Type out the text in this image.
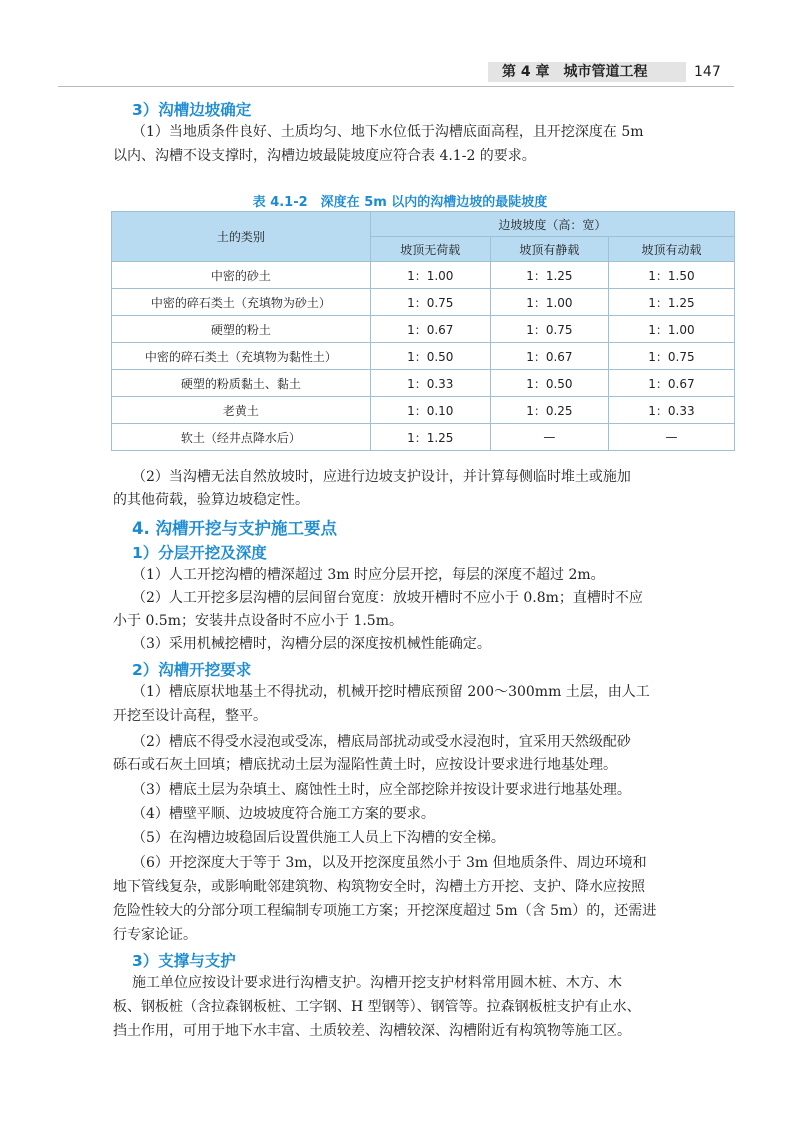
第 4 章　城市管道工程	147
3）沟槽边坡确定
（1）当地质条件良好、土质均匀、地下水位低于沟槽底面高程，且开挖深度在 5m
以内、沟槽不设支撑时，沟槽边坡最陡坡度应符合表 4.1-2 的要求。
表 4.1-2　深度在 5m 以内的沟槽边坡的最陡坡度
土的类别	边坡坡度（高：宽）		
	坡顶无荷载	坡顶有静载	坡顶有动载
中密的砂土	1：1.00	1：1.25	1：1.50
中密的碎石类土（充填物为砂土）	1：0.75	1：1.00	1：1.25
硬塑的粉土	1：0.67	1：0.75	1：1.00
中密的碎石类土（充填物为黏性土）	1：0.50	1：0.67	1：0.75
硬塑的粉质黏土、黏土	1：0.33	1：0.50	1：0.67
老黄土	1：0.10	1：0.25	1：0.33
软土（经井点降水后）	1：1.25	—	—
（2）当沟槽无法自然放坡时，应进行边坡支护设计，并计算每侧临时堆土或施加
的其他荷载，验算边坡稳定性。
4. 沟槽开挖与支护施工要点
1）分层开挖及深度
（1）人工开挖沟槽的槽深超过 3m 时应分层开挖，每层的深度不超过 2m。
（2）人工开挖多层沟槽的层间留台宽度：放坡开槽时不应小于 0.8m；直槽时不应
小于 0.5m；安装井点设备时不应小于 1.5m。
（3）采用机械挖槽时，沟槽分层的深度按机械性能确定。
2）沟槽开挖要求
（1）槽底原状地基土不得扰动，机械开挖时槽底预留 200～300mm 土层，由人工
开挖至设计高程，整平。
（2）槽底不得受水浸泡或受冻，槽底局部扰动或受水浸泡时，宜采用天然级配砂
砾石或石灰土回填；槽底扰动土层为湿陷性黄土时，应按设计要求进行地基处理。
（3）槽底土层为杂填土、腐蚀性土时，应全部挖除并按设计要求进行地基处理。
（4）槽壁平顺、边坡坡度符合施工方案的要求。
（5）在沟槽边坡稳固后设置供施工人员上下沟槽的安全梯。
（6）开挖深度大于等于 3m，以及开挖深度虽然小于 3m 但地质条件、周边环境和
地下管线复杂，或影响毗邻建筑物、构筑物安全时，沟槽土方开挖、支护、降水应按照
危险性较大的分部分项工程编制专项施工方案；开挖深度超过 5m（含 5m）的，还需进
行专家论证。
3）支撑与支护
施工单位应按设计要求进行沟槽支护。沟槽开挖支护材料常用圆木桩、木方、木
板、钢板桩（含拉森钢板桩、工字钢、H 型钢等）、钢管等。拉森钢板桩支护有止水、
挡土作用，可用于地下水丰富、土质较差、沟槽较深、沟槽附近有构筑物等施工区。
